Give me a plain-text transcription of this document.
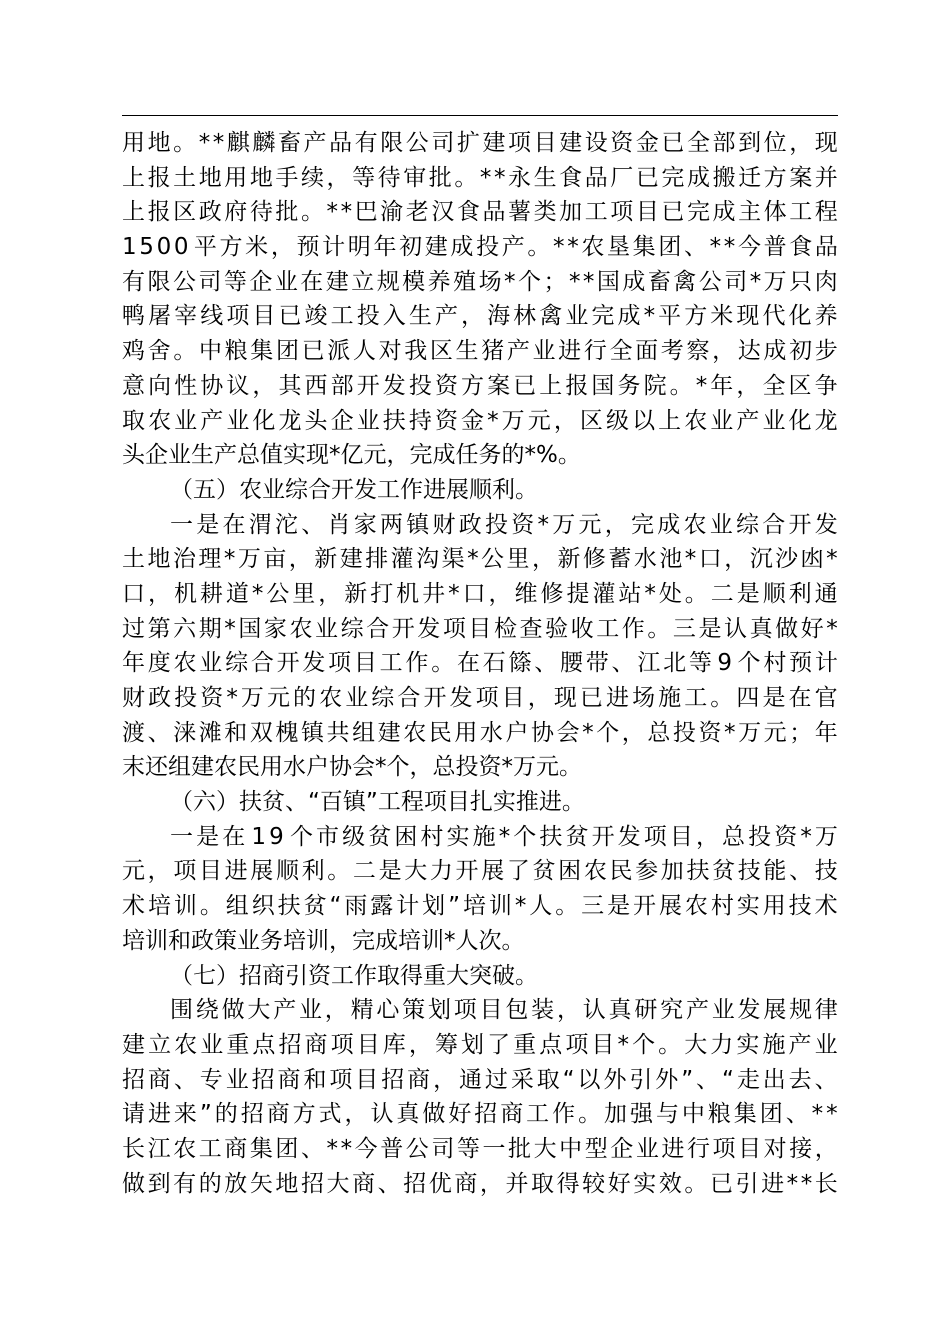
用 地 。 * * 麒 麟 畜 产 品 有 限 公 司 扩 建 项 目 建 设 资 金 已 全 部 到 位 ， 现
上 报 土 地 用 地 手 续 ， 等 待 审 批 。 * * 永 生 食 品 厂 已 完 成 搬 迁 方 案 并
上 报 区 政 府 待 批 。 * * 巴 渝 老 汉 食 品 薯 类 加 工 项 目 已 完 成 主 体 工 程
1 5 0 0 平 方 米 ， 预 计 明 年 初 建 成 投 产 。 * * 农 垦 集 团 、 * * 今 普 食 品
有 限 公 司 等 企 业 在 建 立 规 模 养 殖 场 * 个 ； * * 国 成 畜 禽 公 司 * 万 只 肉
鸭 屠 宰 线 项 目 已 竣 工 投 入 生 产 ， 海 林 禽 业 完 成 * 平 方 米 现 代 化 养
鸡 舍 。 中 粮 集 团 已 派 人 对 我 区 生 猪 产 业 进 行 全 面 考 察 ， 达 成 初 步
意 向 性 协 议 ， 其 西 部 开 发 投 资 方 案 已 上 报 国 务 院 。 * 年 ， 全 区 争
取 农 业 产 业 化 龙 头 企 业 扶 持 资 金 * 万 元 ， 区 级 以 上 农 业 产 业 化 龙
头企业生产总值实现*亿元，完成任务的*%。
（五）农业综合开发工作进展顺利。
一 是 在 渭 沱 、 肖 家 两 镇 财 政 投 资 * 万 元 ， 完 成 农 业 综 合 开 发
土 地 治 理 * 万 亩 ， 新 建 排 灌 沟 渠 * 公 里 ， 新 修 蓄 水 池 * 口 ， 沉 沙 凼 *
口 ， 机 耕 道 * 公 里 ， 新 打 机 井 * 口 ， 维 修 提 灌 站 * 处 。 二 是 顺 利 通
过 第 六 期 * 国 家 农 业 综 合 开 发 项 目 检 查 验 收 工 作 。 三 是 认 真 做 好 *
年 度 农 业 综 合 开 发 项 目 工 作 。 在 石 篨 、 腰 带 、 江 北 等 9 个 村 预 计
财 政 投 资 * 万 元 的 农 业 综 合 开 发 项 目 ， 现 已 进 场 施 工 。 四 是 在 官
渡 、 涞 滩 和 双 槐 镇 共 组 建 农 民 用 水 户 协 会 * 个 ， 总 投 资 * 万 元 ； 年
末还组建农民用水户协会*个，总投资*万元。
（六）扶贫、“百镇”工程项目扎实推进。
一 是 在 1 9 个 市 级 贫 困 村 实 施 * 个 扶 贫 开 发 项 目 ， 总 投 资 * 万
元 ， 项 目 进 展 顺 利 。 二 是 大 力 开 展 了 贫 困 农 民 参 加 扶 贫 技 能 、 技
术 培 训 。 组 织 扶 贫 “ 雨 露 计 划 ” 培 训 * 人 。 三 是 开 展 农 村 实 用 技 术
培训和政策业务培训，完成培训*人次。
（七）招商引资工作取得重大突破。
围 绕 做 大 产 业 ， 精 心 策 划 项 目 包 装 ， 认 真 研 究 产 业 发 展 规 律
建 立 农 业 重 点 招 商 项 目 库 ， 筹 划 了 重 点 项 目 * 个 。 大 力 实 施 产 业
招 商 、 专 业 招 商 和 项 目 招 商 ， 通 过 采 取 “ 以 外 引 外 ” 、 “ 走 出 去 、
请 进 来 ” 的 招 商 方 式 ， 认 真 做 好 招 商 工 作 。 加 强 与 中 粮 集 团 、 * *
长 江 农 工 商 集 团 、 * * 今 普 公 司 等 一 批 大 中 型 企 业 进 行 项 目 对 接 ，
做 到 有 的 放 矢 地 招 大 商 、 招 优 商 ， 并 取 得 较 好 实 效 。 已 引 进 * * 长
